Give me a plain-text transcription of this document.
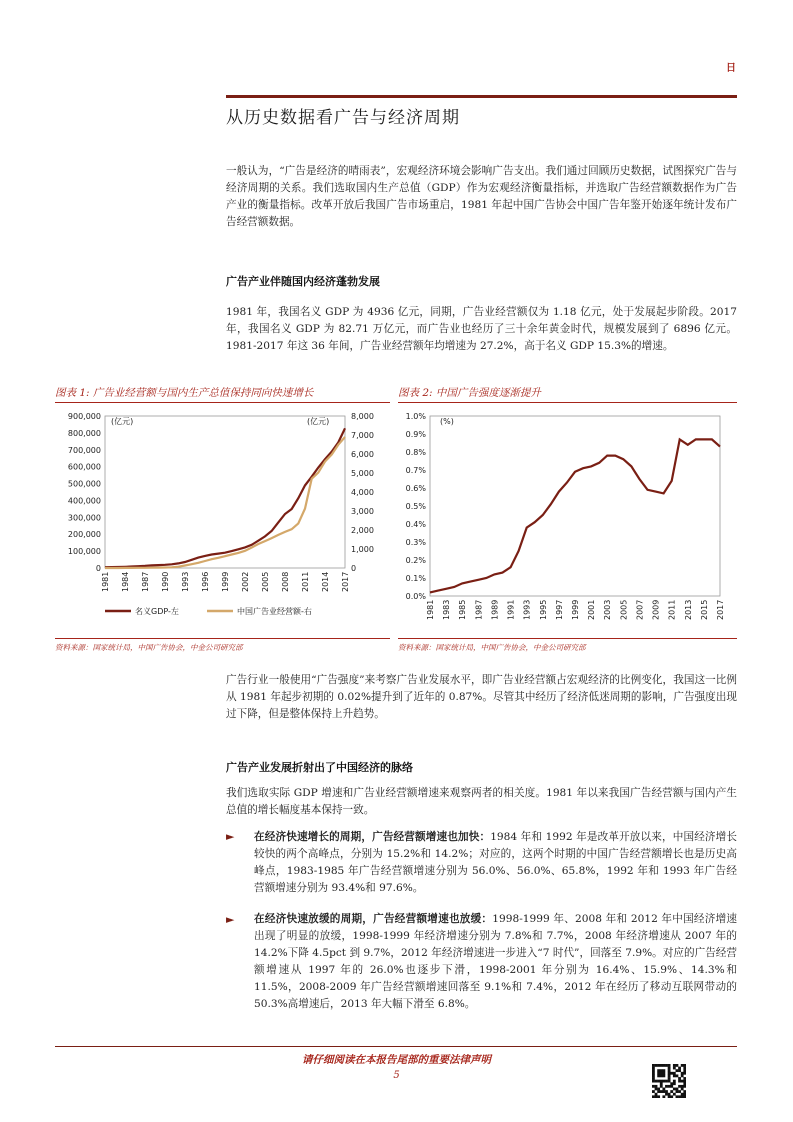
日
从历史数据看广告与经济周期
一般认为，“广告是经济的晴雨表”，宏观经济环境会影响广告支出。我们通过回顾历史数据，试图探究广告与经济周期的关系。我们选取国内生产总值（GDP）作为宏观经济衡量指标，并选取广告经营额数据作为广告产业的衡量指标。改革开放后我国广告市场重启，1981 年起中国广告协会中国广告年鉴开始逐年统计发布广告经营额数据。
广告产业伴随国内经济蓬勃发展
1981 年，我国名义 GDP 为 4936 亿元，同期，广告业经营额仅为 1.18 亿元，处于发展起步阶段。2017 年，我国名义 GDP 为 82.71 万亿元，而广告业也经历了三十余年黄金时代，规模发展到了 6896 亿元。1981-2017 年这 36 年间，广告业经营额年均增速为 27.2%，高于名义 GDP 15.3%的增速。
图表 1: 广告业经营额与国内生产总值保持同向快速增长
900,000
800,000
700,000
600,000
500,000
400,000
300,000
200,000
100,000
0
8,000
7,000
6,000
5,000
4,000
3,000
2,000
1,000
0
(亿元)	(亿元)
1981 1984 1987 1990 1993 1996 1999 2002 2005 2008 2011 2014 2017
名义GDP-左	中国广告业经营额-右
资料来源：国家统计局，中国广告协会，中金公司研究部
图表 2: 中国广告强度逐渐提升
1.0%
0.9%
0.8%
0.7%
0.6%
0.5%
0.4%
0.3%
0.2%
0.1%
0.0%
(%)
1981 1983 1985 1987 1989 1991 1993 1995 1997 1999 2001 2003 2005 2007 2009 2011 2013 2015 2017
资料来源：国家统计局，中国广告协会，中金公司研究部
广告行业一般使用“广告强度”来考察广告业发展水平，即广告业经营额占宏观经济的比例变化，我国这一比例从 1981 年起步初期的 0.02%提升到了近年的 0.87%。尽管其中经历了经济低迷周期的影响，广告强度出现过下降，但是整体保持上升趋势。
广告产业发展折射出了中国经济的脉络
我们选取实际 GDP 增速和广告业经营额增速来观察两者的相关度。1981 年以来我国广告经营额与国内产生总值的增长幅度基本保持一致。
► 在经济快速增长的周期，广告经营额增速也加快：1984 年和 1992 年是改革开放以来，中国经济增长较快的两个高峰点，分别为 15.2%和 14.2%；对应的，这两个时期的中国广告经营额增长也是历史高峰点，1983-1985 年广告经营额增速分别为 56.0%、56.0%、65.8%，1992 年和 1993 年广告经营额增速分别为 93.4%和 97.6%。
► 在经济快速放缓的周期，广告经营额增速也放缓：1998-1999 年、2008 年和 2012 年中国经济增速出现了明显的放缓，1998-1999 年经济增速分别为 7.8%和 7.7%，2008 年经济增速从 2007 年的 14.2%下降 4.5pct 到 9.7%，2012 年经济增速进一步进入“7 时代”，回落至 7.9%。对应的广告经营额增速从 1997 年的 26.0%也逐步下滑，1998-2001 年分别为 16.4%、15.9%、14.3%和 11.5%，2008-2009 年广告经营额增速回落至 9.1%和 7.4%，2012 年在经历了移动互联网带动的 50.3%高增速后，2013 年大幅下滑至 6.8%。
请仔细阅读在本报告尾部的重要法律声明
5
